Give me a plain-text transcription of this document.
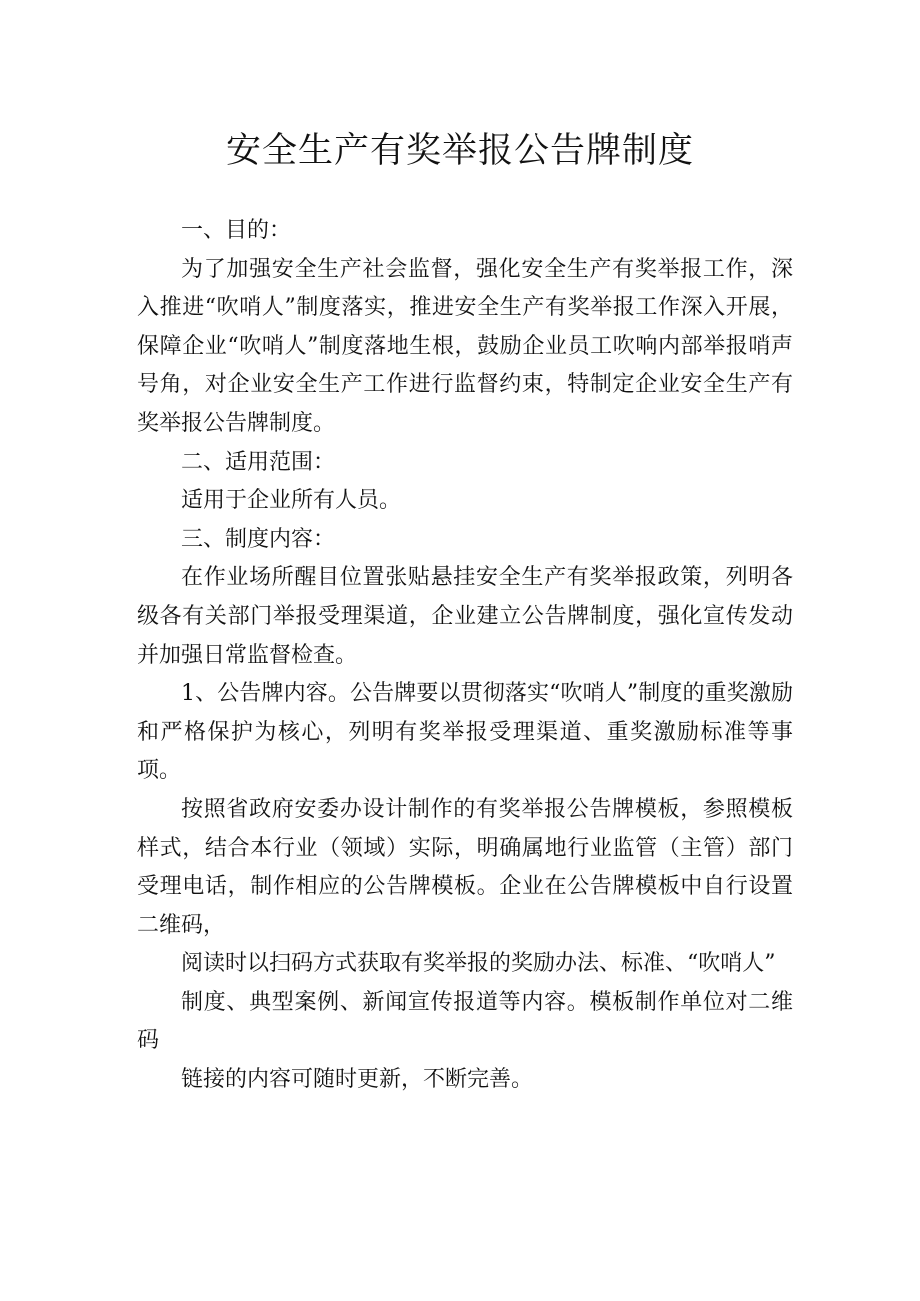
安全生产有奖举报公告牌制度

一、目的：

为了加强安全生产社会监督，强化安全生产有奖举报工作，深入推进“吹哨人”制度落实，推进安全生产有奖举报工作深入开展，保障企业“吹哨人”制度落地生根，鼓励企业员工吹响内部举报哨声号角，对企业安全生产工作进行监督约束，特制定企业安全生产有奖举报公告牌制度。

二、适用范围：

适用于企业所有人员。

三、制度内容：

在作业场所醒目位置张贴悬挂安全生产有奖举报政策，列明各级各有关部门举报受理渠道，企业建立公告牌制度，强化宣传发动并加强日常监督检查。

1、公告牌内容。公告牌要以贯彻落实“吹哨人”制度的重奖激励和严格保护为核心，列明有奖举报受理渠道、重奖激励标准等事项。

按照省政府安委办设计制作的有奖举报公告牌模板，参照模板样式，结合本行业（领域）实际，明确属地行业监管（主管）部门受理电话，制作相应的公告牌模板。企业在公告牌模板中自行设置二维码，

阅读时以扫码方式获取有奖举报的奖励办法、标准、“吹哨人”

制度、典型案例、新闻宣传报道等内容。模板制作单位对二维码

链接的内容可随时更新，不断完善。
